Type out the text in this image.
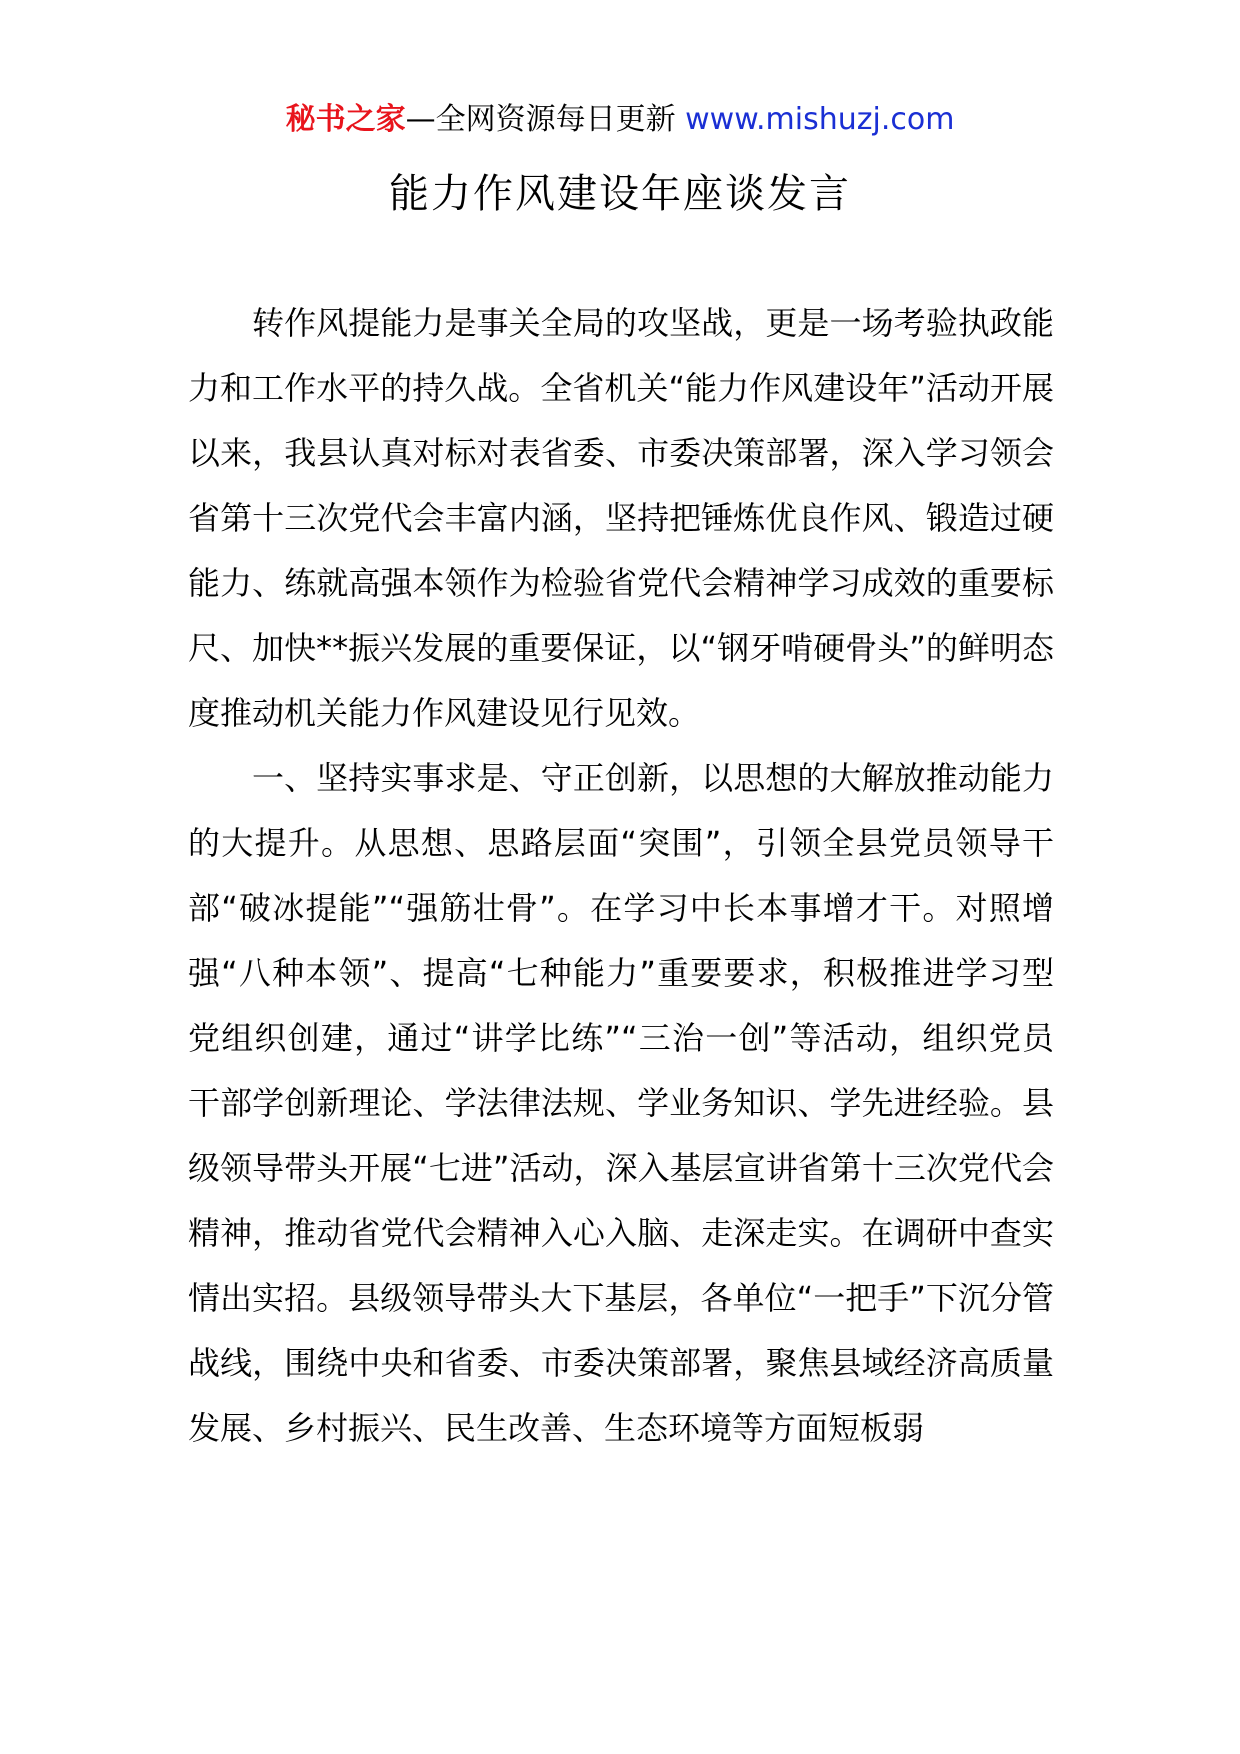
秘书之家—全网资源每日更新 www.mishuzj.com
能力作风建设年座谈发言

转作风提能力是事关全局的攻坚战，更是一场考验执政能力和工作水平的持久战。全省机关“能力作风建设年”活动开展以来，我县认真对标对表省委、市委决策部署，深入学习领会省第十三次党代会丰富内涵，坚持把锤炼优良作风、锻造过硬能力、练就高强本领作为检验省党代会精神学习成效的重要标尺、加快**振兴发展的重要保证，以“钢牙啃硬骨头”的鲜明态度推动机关能力作风建设见行见效。

一、坚持实事求是、守正创新，以思想的大解放推动能力的大提升。从思想、思路层面“突围”，引领全县党员领导干部“破冰提能”“强筋壮骨”。在学习中长本事增才干。对照增强“八种本领”、提高“七种能力”重要要求，积极推进学习型党组织创建，通过“讲学比练”“三治一创”等活动，组织党员干部学创新理论、学法律法规、学业务知识、学先进经验。县级领导带头开展“七进”活动，深入基层宣讲省第十三次党代会精神，推动省党代会精神入心入脑、走深走实。在调研中查实情出实招。县级领导带头大下基层，各单位“一把手”下沉分管战线，围绕中央和省委、市委决策部署，聚焦县域经济高质量发展、乡村振兴、民生改善、生态环境等方面短板弱
